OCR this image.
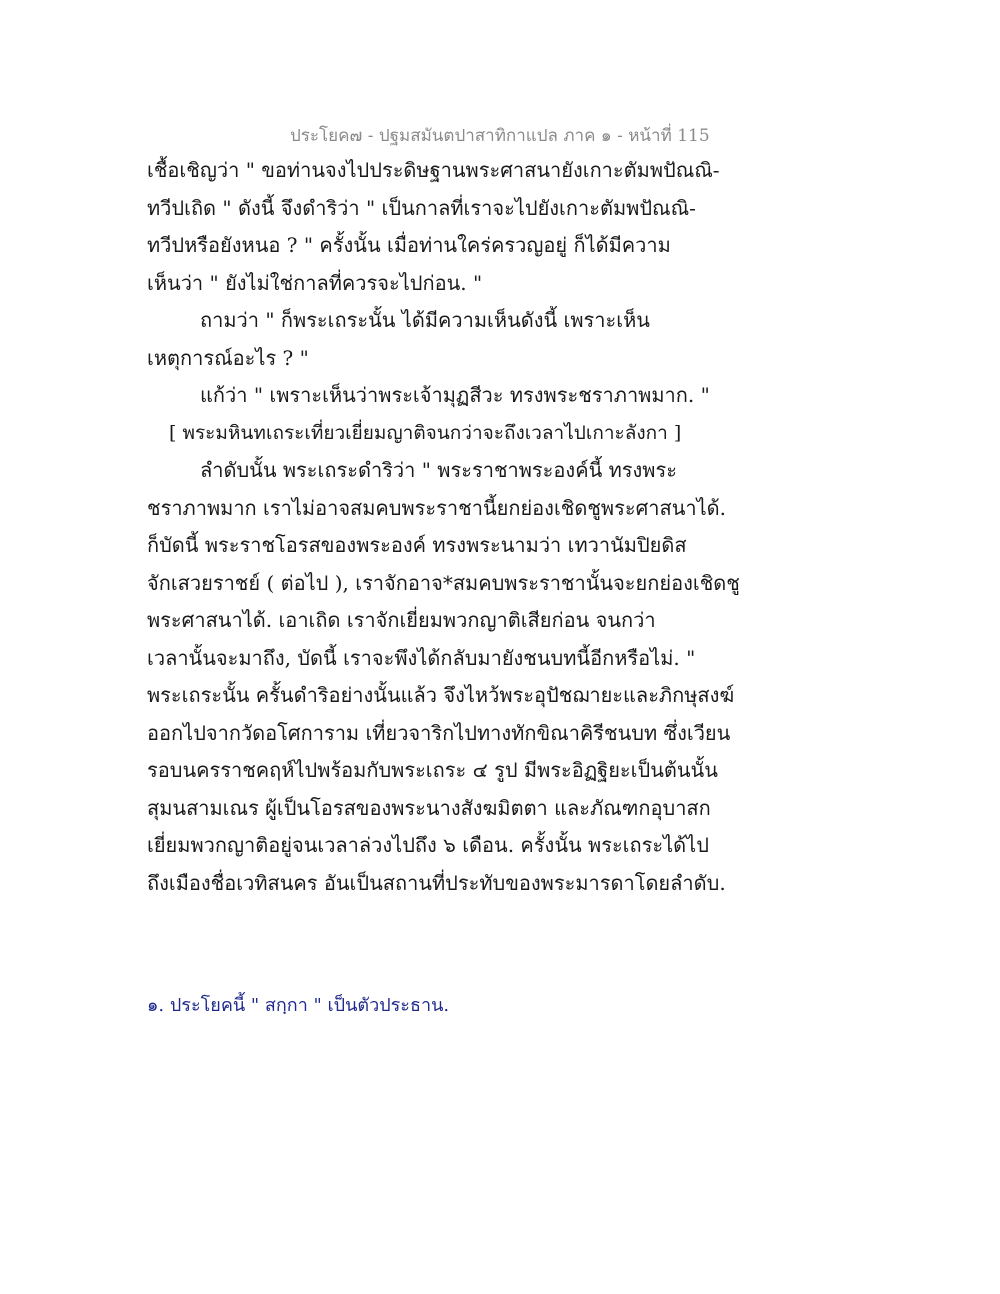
ประโยค๗ - ปฐมสมันตปาสาทิกาแปล ภาค ๑ - หน้าที่ 115
เชื้อเชิญว่า " ขอท่านจงไปประดิษฐานพระศาสนายังเกาะตัมพปัณณิ-
ทวีปเถิด " ดังนี้ จึงดำริว่า " เป็นกาลที่เราจะไปยังเกาะตัมพปัณณิ-
ทวีปหรือยังหนอ ? " ครั้งนั้น เมื่อท่านใคร่ครวญอยู่ ก็ได้มีความ
เห็นว่า " ยังไม่ใช่กาลที่ควรจะไปก่อน. "
ถามว่า " ก็พระเถระนั้น ได้มีความเห็นดังนี้ เพราะเห็น
เหตุการณ์อะไร ? "
แก้ว่า " เพราะเห็นว่าพระเจ้ามุฏสีวะ ทรงพระชราภาพมาก. "
[ พระมหินทเถระเที่ยวเยี่ยมญาติจนกว่าจะถึงเวลาไปเกาะลังกา ]
ลำดับนั้น พระเถระดำริว่า " พระราชาพระองค์นี้ ทรงพระ
ชราภาพมาก เราไม่อาจสมคบพระราชานี้ยกย่องเชิดชูพระศาสนาได้.
ก็บัดนี้ พระราชโอรสของพระองค์ ทรงพระนามว่า เทวานัมปิยดิส
จักเสวยราชย์ ( ต่อไป ), เราจักอาจ*สมคบพระราชานั้นจะยกย่องเชิดชู
พระศาสนาได้. เอาเถิด เราจักเยี่ยมพวกญาติเสียก่อน จนกว่า
เวลานั้นจะมาถึง, บัดนี้ เราจะพึงได้กลับมายังชนบทนี้อีกหรือไม่. "
พระเถระนั้น ครั้นดำริอย่างนั้นแล้ว จึงไหว้พระอุปัชฌายะและภิกษุสงฆ์
ออกไปจากวัดอโศการาม เที่ยวจาริกไปทางทักขิณาคิรีชนบท ซึ่งเวียน
รอบนครราชคฤห์ไปพร้อมกับพระเถระ ๔ รูป มีพระอิฏฐิยะเป็นต้นนั้น
สุมนสามเณร ผู้เป็นโอรสของพระนางสังฆมิตตา และภัณฑกอุบาสก
เยี่ยมพวกญาติอยู่จนเวลาล่วงไปถึง ๖ เดือน. ครั้งนั้น พระเถระได้ไป
ถึงเมืองชื่อเวทิสนคร อันเป็นสถานที่ประทับของพระมารดาโดยลำดับ.
๑. ประโยคนี้ " สกฺกา " เป็นตัวประธาน.
